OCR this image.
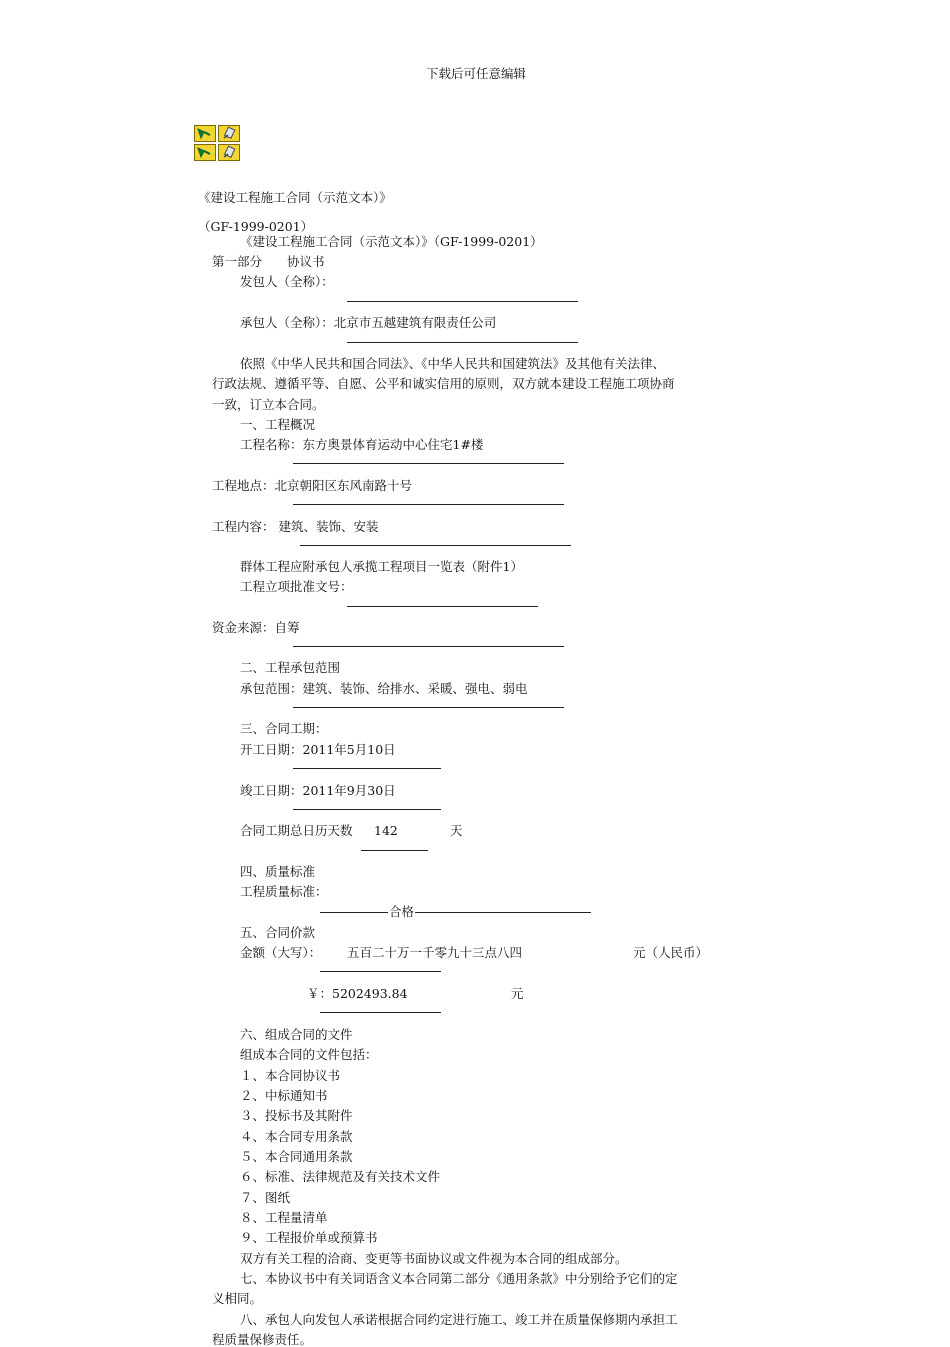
下载后可任意编辑
《建设工程施工合同（示范文本）》
（GF-1999-0201）
《建设工程施工合同（示范文本）》（GF-1999-0201）
第一部分　　协议书
发包人（全称）：
承包人（全称）：北京市五越建筑有限责任公司
依照《中华人民共和国合同法》、《中华人民共和国建筑法》及其他有关法律、
行政法规、遵循平等、自愿、公平和诚实信用的原则，双方就本建设工程施工项协商
一致，订立本合同。
一、工程概况
工程名称：东方奥景体育运动中心住宅1#楼
工程地点：北京朝阳区东风南路十号
工程内容： 建筑、装饰、安装
群体工程应附承包人承揽工程项目一览表（附件1）
工程立项批准文号：
资金来源：自筹
二、工程承包范围
承包范围：建筑、装饰、给排水、采暖、强电、弱电
三、合同工期：
开工日期：2011年5月10日
竣工日期：2011年9月30日
合同工期总日历天数 142	天
四、质量标准
工程质量标准：
合格
五、合同价款
金额（大写）： 五百二十万一千零九十三点八四	元（人民币）
￥：5202493.84	元
六、组成合同的文件
组成本合同的文件包括：
１、本合同协议书
２、中标通知书
３、投标书及其附件
４、本合同专用条款
５、本合同通用条款
６、标准、法律规范及有关技术文件
７、图纸
８、工程量清单
９、工程报价单或预算书
双方有关工程的洽商、变更等书面协议或文件视为本合同的组成部分。
七、本协议书中有关词语含义本合同第二部分《通用条款》中分别给予它们的定
义相同。
八、承包人向发包人承诺根据合同约定进行施工、竣工并在质量保修期内承担工
程质量保修责任。
